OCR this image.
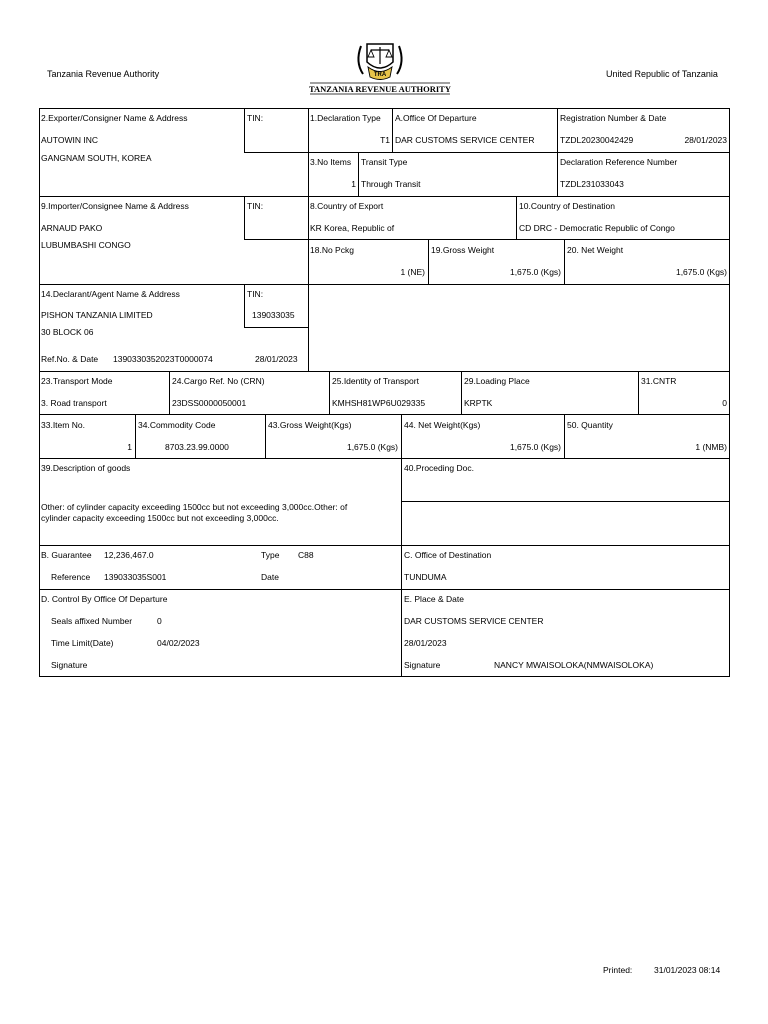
Tanzania Revenue Authority	United Republic of Tanzania
TRA
TANZANIA REVENUE AUTHORITY
2.Exporter/Consigner Name & Address
AUTOWIN INC
GANGNAM SOUTH, KOREA
TIN:	1.Declaration Type
T1
A.Office Of Departure
DAR CUSTOMS SERVICE CENTER
Registration Number & Date
TZDL20230042429	28/01/2023
3.No Items
1
Transit Type
Through Transit
Declaration Reference Number
TZDL231033043
9.Importer/Consignee Name & Address
ARNAUD PAKO
LUBUMBASHI CONGO
TIN:	8.Country of Export
KR Korea, Republic of
10.Country of Destination
CD DRC - Democratic Republic of Congo
18.No Pckg
1 (NE)
19.Gross Weight
1,675.0 (Kgs)
20. Net Weight
1,675.0 (Kgs)
14.Declarant/Agent Name & Address
PISHON TANZANIA LIMITED
30 BLOCK 06
TIN:
139033035
Ref.No. & Date 1390330352023T0000074	28/01/2023
23.Transport Mode
3. Road transport
24.Cargo Ref. No (CRN)
23DSS0000050001
25.Identity of Transport
KMHSH81WP6U029335
29.Loading Place
KRPTK
31.CNTR
0
33.Item No.
1
34.Commodity Code
8703.23.99.0000
43.Gross Weight(Kgs)
1,675.0 (Kgs)
44. Net Weight(Kgs)
1,675.0 (Kgs)
50. Quantity
1 (NMB)
39.Description of goods
Other: of cylinder capacity exceeding 1500cc but not exceeding 3,000cc.Other: of
cylinder capacity exceeding 1500cc but not exceeding 3,000cc.
40.Proceding Doc.
B. Guarantee 12,236,467.0	Type C88
Reference 139033035S001	Date
C. Office of Destination
TUNDUMA
D. Control By Office Of Departure
Seals affixed Number	0
Time Limit(Date)	04/02/2023
Signature
E. Place & Date
DAR CUSTOMS SERVICE CENTER
28/01/2023
Signature	NANCY MWAISOLOKA(NMWAISOLOKA)
Printed:	31/01/2023 08:14
